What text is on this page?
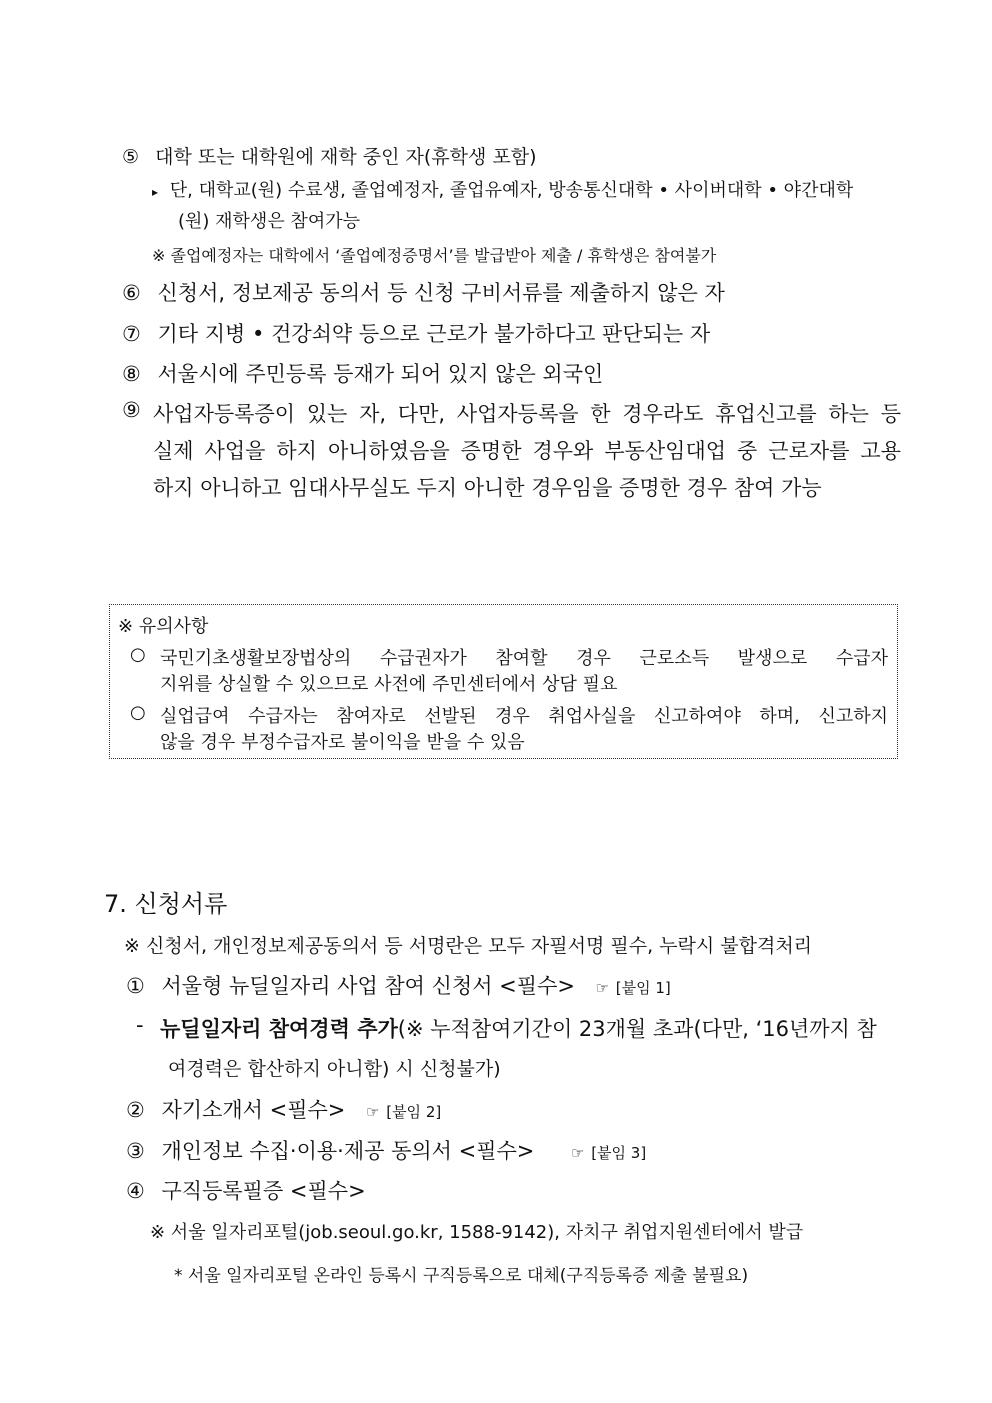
⑤ 대학 또는 대학원에 재학 중인 자(휴학생 포함)
▸ 단, 대학교(원) 수료생, 졸업예정자, 졸업유예자, 방송통신대학 • 사이버대학 • 야간대학
(원) 재학생은 참여가능
※ 졸업예정자는 대학에서 ‘졸업예정증명서’를 발급받아 제출 / 휴학생은 참여불가
⑥ 신청서, 정보제공 동의서 등 신청 구비서류를 제출하지 않은 자
⑦ 기타 지병 • 건강쇠약 등으로 근로가 불가하다고 판단되는 자
⑧ 서울시에 주민등록 등재가 되어 있지 않은 외국인
⑨ 사업자등록증이 있는 자, 다만, 사업자등록을 한 경우라도 휴업신고를 하는 등
실제 사업을 하지 아니하였음을 증명한 경우와 부동산임대업 중 근로자를 고용
하지 아니하고 임대사무실도 두지 아니한 경우임을 증명한 경우 참여 가능
※ 유의사항
○ 국민기초생활보장법상의 수급권자가 참여할 경우 근로소득 발생으로 수급자
지위를 상실할 수 있으므로 사전에 주민센터에서 상담 필요
○ 실업급여 수급자는 참여자로 선발된 경우 취업사실을 신고하여야 하며, 신고하지
않을 경우 부정수급자로 불이익을 받을 수 있음
7. 신청서류
※ 신청서, 개인정보제공동의서 등 서명란은 모두 자필서명 필수, 누락시 불합격처리
① 서울형 뉴딜일자리 사업 참여 신청서 <필수> ☞ [붙임 1]
- 뉴딜일자리 참여경력 추가(※ 누적참여기간이 23개월 초과(다만, ‘16년까지 참
여경력은 합산하지 아니함) 시 신청불가)
② 자기소개서 <필수> ☞ [붙임 2]
③ 개인정보 수집·이용·제공 동의서 <필수> ☞ [붙임 3]
④ 구직등록필증 <필수>
※ 서울 일자리포털(job.seoul.go.kr, 1588-9142), 자치구 취업지원센터에서 발급
* 서울 일자리포털 온라인 등록시 구직등록으로 대체(구직등록증 제출 불필요)
